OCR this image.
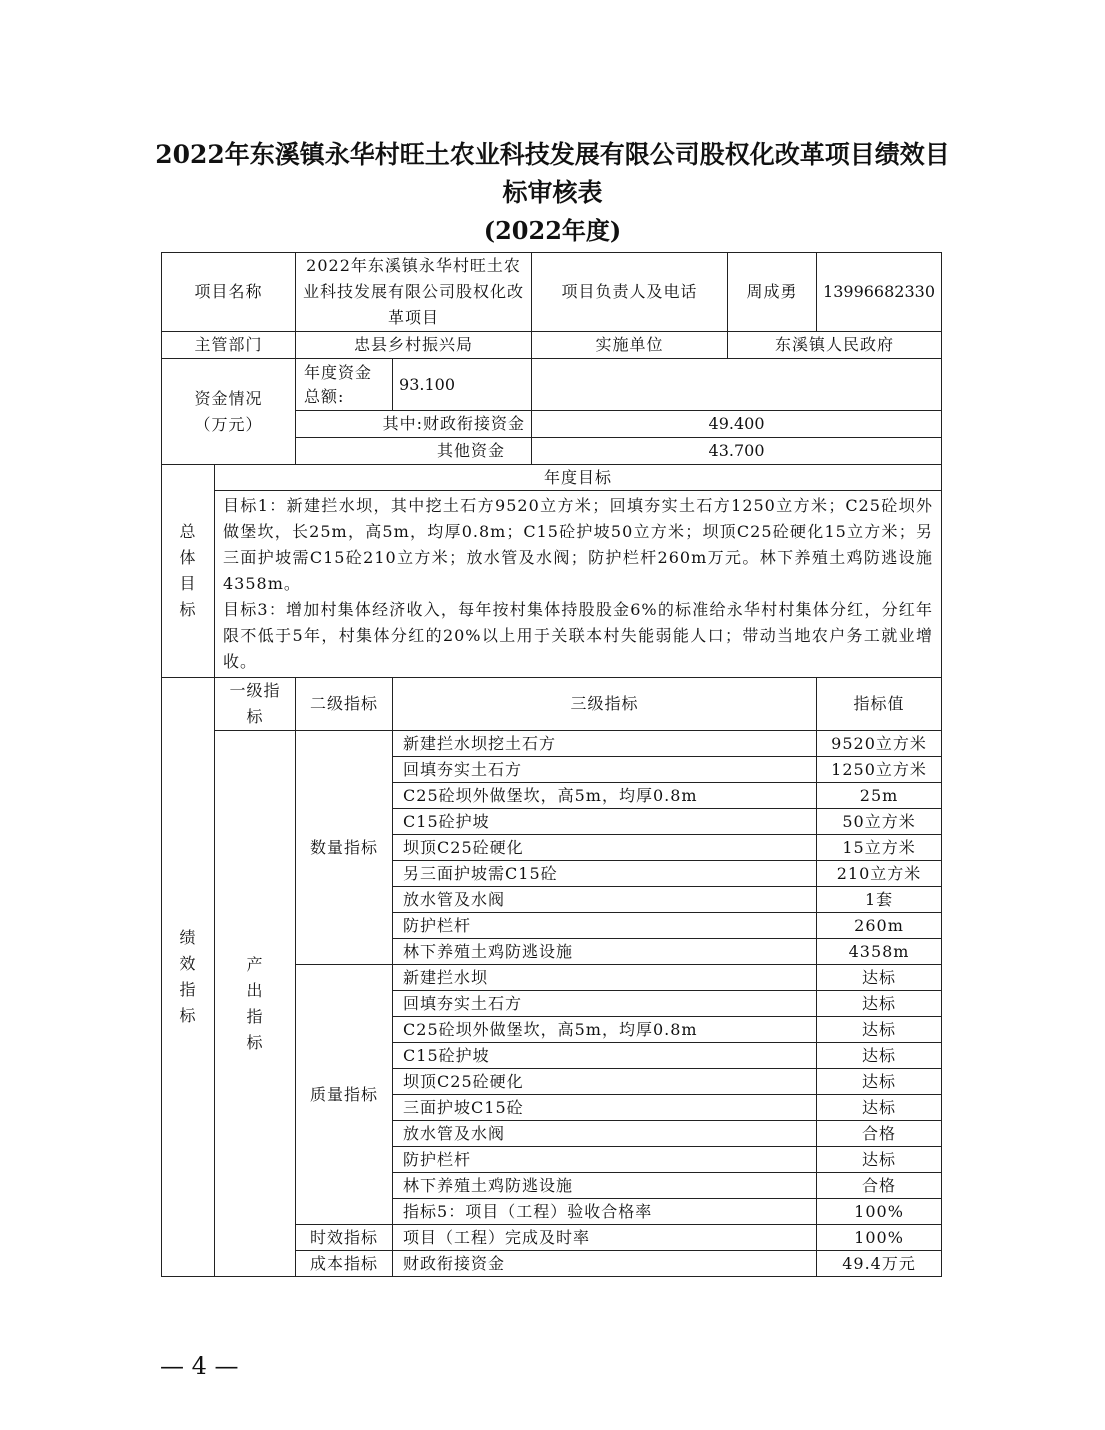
2022年东溪镇永华村旺土农业科技发展有限公司股权化改革项目绩效目标审核表
(2022年度)
项目名称		2022年东溪镇永华村旺土农业科技发展有限公司股权化改革项目		项目负责人及电话	周成勇	13996682330
主管部门		忠县乡村振兴局		实施单位	东溪镇人民政府	
资金情况（万元）		年度资金总额:	93.100			
		其中:财政衔接资金		49.400		
		其他资金		43.700		
总体目标	年度目标					

	目标1：新建拦水坝，其中挖土石方9520立方米；回填夯实土石方1250立方米；C25砼坝外做堡坎，长25m，高5m，均厚0.8m；C15砼护坡50立方米；坝顶C25砼硬化15立方米；另三面护坡需C15砼210立方米；放水管及水阀；防护栏杆260m万元。林下养殖土鸡防逃设施4358m。
目标3：增加村集体经济收入，每年按村集体持股股金6%的标准给永华村村集体分红，分红年限不低于5年，村集体分红的20%以上用于关联本村失能弱能人口；带动当地农户务工就业增收。					

绩效指标	一级指标	二级指标	三级指标			指标值
	产出指标	数量指标	新建拦水坝挖土石方			9520立方米
			回填夯实土石方			1250立方米
			C25砼坝外做堡坎，高5m，均厚0.8m			25m
			C15砼护坡			50立方米
			坝顶C25砼硬化			15立方米
			另三面护坡需C15砼			210立方米
			放水管及水阀			1套
			防护栏杆			260m
			林下养殖土鸡防逃设施			4358m
		质量指标	新建拦水坝			达标
			回填夯实土石方			达标
			C25砼坝外做堡坎，高5m，均厚0.8m			达标
			C15砼护坡			达标
			坝顶C25砼硬化			达标
			三面护坡C15砼			达标
			放水管及水阀			合格
			防护栏杆			达标
			林下养殖土鸡防逃设施			合格
			指标5：项目（工程）验收合格率			100%
		时效指标	项目（工程）完成及时率			100%
		成本指标	财政衔接资金			49.4万元
— 4 —
